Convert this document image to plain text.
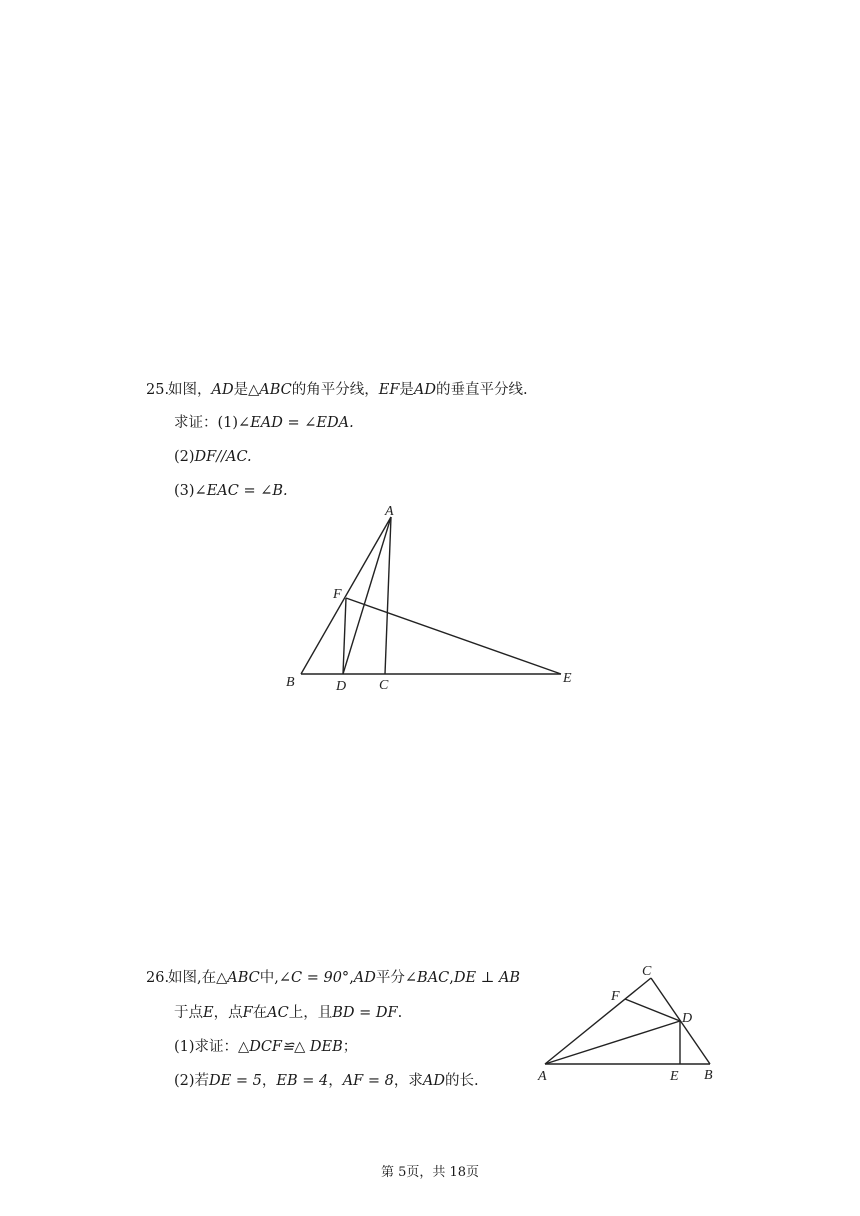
25.如图，AD是△ABC的角平分线，EF是AD的垂直平分线.
求证：(1)∠EAD = ∠EDA.
(2)DF//AC.
(3)∠EAC = ∠B.
A
B	C
D
E
F
A	B
C
D
E
F
26.如图,在△ABC中,∠C = 90°,AD平分∠BAC,DE ⊥ AB
于点E，点F在AC上，且BD = DF.
(1)求证：△DCF≌△ DEB；
(2)若DE = 5，EB = 4，AF = 8，求AD的长.
第 5页，共 18页
